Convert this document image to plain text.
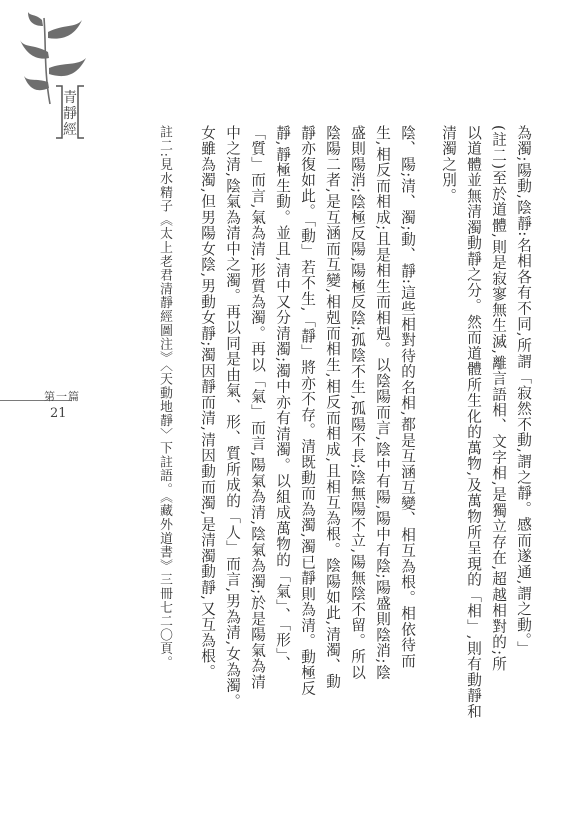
青
靜
經
第一篇
21	為濁;陽動,陰靜:名相各有不同,所謂「寂然不動,謂之靜。感而遂通,謂之動。」
(註二)至於道體,則是寂寥無生滅,離言語相、文字相,是獨立存在,超越相對的;所
以道體並無清濁動靜之分。然而道體所生化的萬物,及萬物所呈現的「相」,則有動靜和
清濁之別。
陰、陽;清、濁;動、靜:這些相對待的名相,都是互涵互變、相互為根。相依待而
生,相反而相成;且是相生而相剋。以陰陽而言,陰中有陽,陽中有陰;陽盛則陰消;陰
盛則陽消;陰極反陽,陽極反陰;孤陰不生,孤陽不長;陰無陽不立,陽無陰不留。所以
陰陽二者,是互涵而互變,相剋而相生,相反而相成,且相互為根。陰陽如此,清濁、動
靜亦復如此。「動」若不生,「靜」將亦不存。清既動而為濁,濁已靜則為清。動極反
靜,靜極生動。並且,清中又分清濁;濁中亦有清濁。以組成萬物的「氣」、「形」、
「質」而言,氣為清,形質為濁。再以「氣」而言,陽氣為清,陰氣為濁;於是陽氣為清
中之清,陰氣為清中之濁。再以同是由氣、形、質所成的「人」而言,男為清,女為濁。
女雖為濁,但男陽女陰,男動女靜;濁因靜而清,清因動而濁,是清濁動靜,又互為根。
註二:見水精子《太上老君清靜經圖注》〈天動地靜〉下註語。《藏外道書》三冊七二〇頁。
